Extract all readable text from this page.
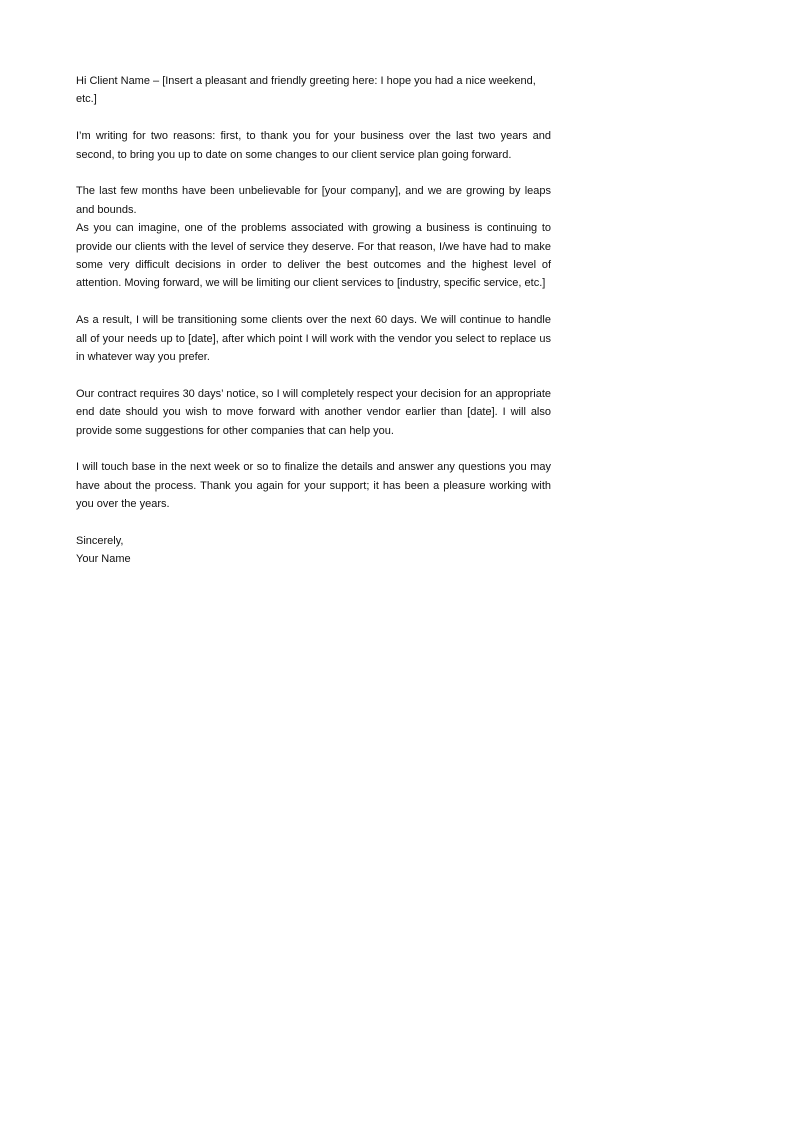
Hi Client Name – [Insert a pleasant and friendly greeting here: I hope you had a nice weekend, etc.]

I’m writing for two reasons: first, to thank you for your business over the last two years and second, to bring you up to date on some changes to our client service plan going forward.

The last few months have been unbelievable for [your company], and we are growing by leaps and bounds.

As you can imagine, one of the problems associated with growing a business is continuing to provide our clients with the level of service they deserve. For that reason, I/we have had to make some very difficult decisions in order to deliver the best outcomes and the highest level of attention. Moving forward, we will be limiting our client services to [industry, specific service, etc.]

As a result, I will be transitioning some clients over the next 60 days. We will continue to handle all of your needs up to [date], after which point I will work with the vendor you select to replace us in whatever way you prefer.

Our contract requires 30 days’ notice, so I will completely respect your decision for an appropriate end date should you wish to move forward with another vendor earlier than [date]. I will also provide some suggestions for other companies that can help you.

I will touch base in the next week or so to finalize the details and answer any questions you may have about the process. Thank you again for your support; it has been a pleasure working with you over the years.

Sincerely,

Your Name
